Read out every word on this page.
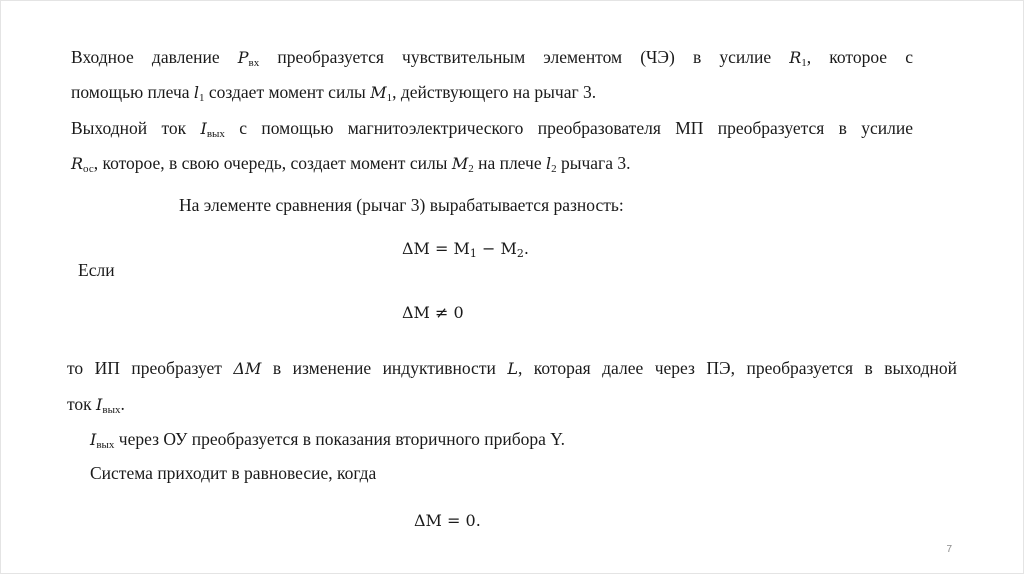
Входное давление $P_{вх}$ преобразуется чувствительным элементом (ЧЭ) в усилие $R_1$, которое с
помощью плеча $l_1$ создает момент силы $M_1$, действующего на рычаг 3.
Выходной ток $I_{вых}$ с помощью магнитоэлектрического преобразователя МП преобразуется в усилие
$R_{ос}$, которое, в свою очередь, создает момент силы $M_2$ на плече $l_2$ рычага 3.
На элементе сравнения (рычаг 3) вырабатывается разность:
$\Delta M = M_1 - M_2$.
Если
ΔM ≠ 0
то ИП преобразует ΔM в изменение индуктивности L, которая далее через ПЭ, преобразуется в выходной
ток $I_{вых}$.
$I_{вых}$ через ОУ преобразуется в показания вторичного прибора Y.
Система приходит в равновесие, когда
ΔM = 0.
7
